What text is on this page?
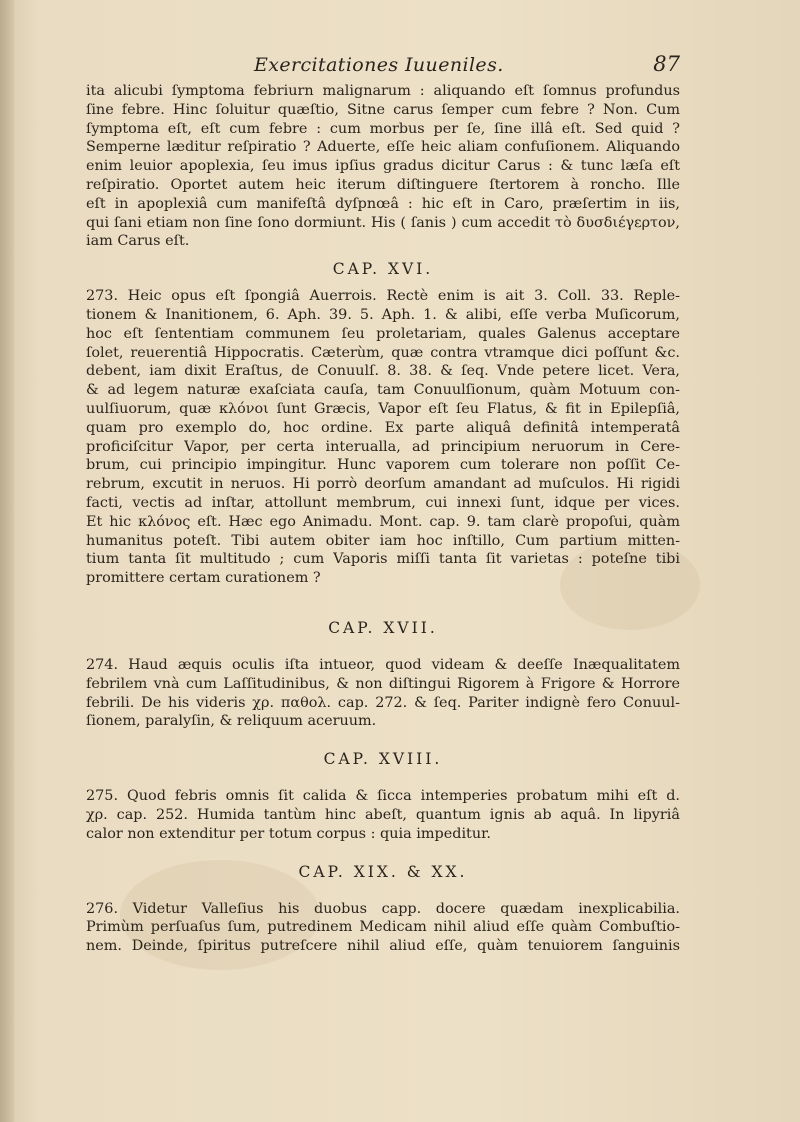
Exercitationes Iuueniles.	87
ita alicubi ſymptoma febriurn malignarum : aliquando eſt ſomnus profundus
ſine febre. Hinc ſoluitur quæſtio, Sitne carus ſemper cum febre ? Non. Cum
ſymptoma eſt, eſt cum febre : cum morbus per ſe, ſine illâ eſt. Sed quid ?
Semperne læditur reſpiratio ? Aduerte, eſſe heic aliam confuſionem. Aliquando
enim leuior apoplexia, ſeu imus ipſius gradus dicitur Carus : & tunc læſa eſt
reſpiratio. Oportet autem heic iterum diſtinguere ſtertorem à roncho. Ille
eſt in apoplexiâ cum manifeſtâ dyſpnœâ : hic eſt in Caro, præſertim in iis,
qui ſani etiam non ſine ſono dormiunt. His ( ſanis ) cum accedit τὸ δυσδιέγερτον,
iam Carus eſt.
CAP. XVI.
273. Heic opus eſt ſpongiâ Auerrois. Rectè enim is ait 3. Coll. 33. Reple-
tionem & Inanitionem, 6. Aph. 39. 5. Aph. 1. & alibi, eſſe verba Muſicorum,
hoc eſt ſententiam communem ſeu proletariam, quales Galenus acceptare
ſolet, reuerentiâ Hippocratis. Cæterùm, quæ contra vtramque dici poſſunt &c.
debent, iam dixit Eraſtus, de Conuulſ. 8. 38. & ſeq. Vnde petere licet. Vera,
& ad legem naturæ exaſciata cauſa, tam Conuulſionum, quàm Motuum con-
uulſiuorum, quæ κλόνοι ſunt Græcis, Vapor eſt ſeu Flatus, & fit in Epilepſiâ,
quam pro exemplo do, hoc ordine. Ex parte aliquâ definitâ intemperatâ
proficiſcitur Vapor, per certa interualla, ad principium neruorum in Cere-
brum, cui principio impingitur. Hunc vaporem cum tolerare non poſſit Ce-
rebrum, excutit in neruos. Hi porrò deorſum amandant ad muſculos. Hi rigidi
facti, vectis ad inſtar, attollunt membrum, cui innexi ſunt, idque per vices.
Et hic κλόνος eſt. Hæc ego Animadu. Mont. cap. 9. tam clarè propoſui, quàm
humanitus poteſt. Tibi autem obiter iam hoc inſtillo, Cum partium mitten-
tium tanta ſit multitudo ; cum Vaporis miſſi tanta ſit varietas : poteſne tibi
promittere certam curationem ?
CAP. XVII.
274. Haud æquis oculis iſta intueor, quod videam & deeſſe Inæqualitatem
febrilem vnà cum Laſſitudinibus, & non diſtingui Rigorem à Frigore & Horrore
febrili. De his videris χρ. παθολ. cap. 272. & ſeq. Pariter indignè fero Conuul-
ſionem, paralyſin, & reliquum aceruum.
CAP. XVIII.
275. Quod febris omnis ſit calida & ſicca intemperies probatum mihi eſt d.
χρ. cap. 252. Humida tantùm hinc abeſt, quantum ignis ab aquâ. In lipyriâ
calor non extenditur per totum corpus : quia impeditur.
CAP. XIX. & XX.
276. Videtur Valleſius his duobus capp. docere quædam inexplicabilia.
Primùm perſuaſus ſum, putredinem Medicam nihil aliud eſſe quàm Combuſtio-
nem. Deinde, ſpiritus putreſcere nihil aliud eſſe, quàm tenuiorem ſanguinis
